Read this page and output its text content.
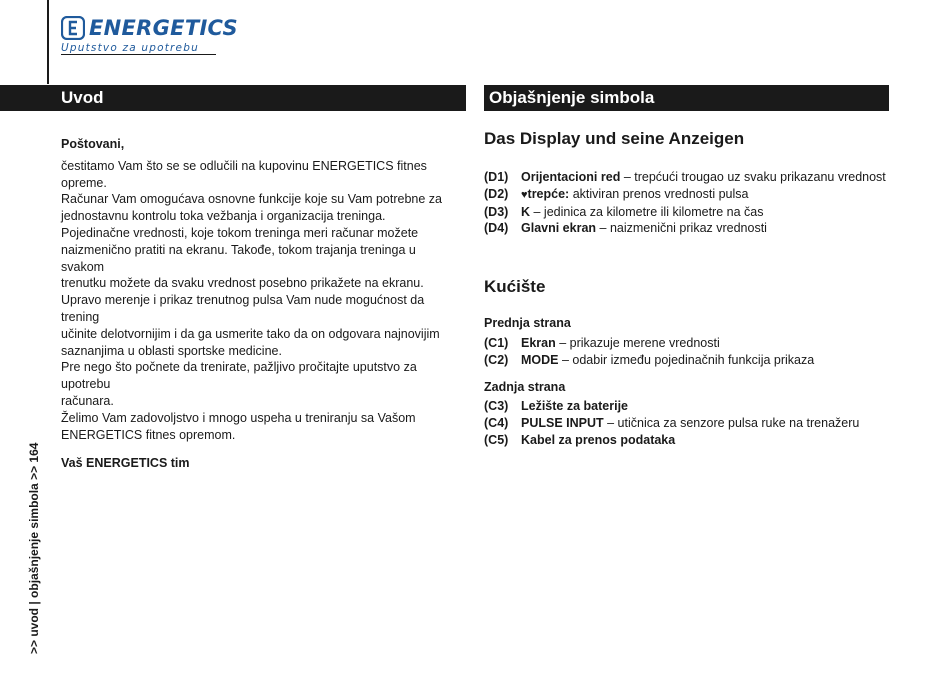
ENERGETICS
Uputstvo za upotrebu
Uvod	Objašnjenje simbola

Poštovani,

čestitamo Vam što se se odlučili na kupovinu ENERGETICS fitnes opreme.

Računar Vam omogućava osnovne funkcije koje su Vam potrebne za

jednostavnu kontrolu toka vežbanja i organizacija treninga.

Pojedinačne vrednosti, koje tokom treninga meri računar možete

naizmenično pratiti na ekranu. Takođe, tokom trajanja treninga u svakom

trenutku možete da svaku vrednost posebno prikažete na ekranu.

Upravo merenje i prikaz trenutnog pulsa Vam nude mogućnost da trening

učinite delotvornijim i da ga usmerite tako da on odgovara najnovijim

saznanjima u oblasti sportske medicine.

Pre nego što počnete da trenirate, pažljivo pročitajte uputstvo za upotrebu

računara.

Želimo Vam zadovoljstvo i mnogo uspeha u treniranju sa Vašom

ENERGETICS fitnes opremom.

Vaš ENERGETICS tim

Das Display und seine Anzeigen
(D1)	Orijentacioni red – trepćući trougao uz svaku prikazanu vrednost
(D2)	♥trepće: aktiviran prenos vrednosti pulsa
(D3)	K – jedinica za kilometre ili kilometre na čas
(D4)	Glavni ekran – naizmenični prikaz vrednosti
Kućište
Prednja strana
(C1)	Ekran – prikazuje merene vrednosti
(C2)	MODE – odabir između pojedinačnih funkcija prikaza
Zadnja strana
(C3)	Ležište za baterije
(C4)	PULSE INPUT – utičnica za senzore pulsa ruke na trenažeru
(C5)	Kabel za prenos podataka
>> uvod | objašnjenje simbola >> 164
